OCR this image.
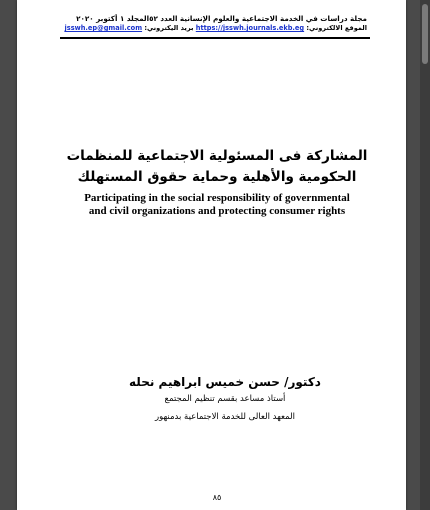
مجلة دراسات في الخدمة الاجتماعية والعلوم الإنسانية العدد ٥٢المجلد ١ أكتوبر ٢٠٢٠
الموقع الالكتروني: https://jsswh.journals.ekb.eg بريد اليكتروني: jsswh.ep@gmail.com
المشاركة فى المسئولية الاجتماعية للمنظمات الحكومية والأهلية وحماية حقوق المستهلك
Participating in the social responsibility of governmental and civil organizations and protecting consumer rights
دكتور/ حسن خميس ابراهيم نحله
أستاذ مساعد بقسم تنظيم المجتمع
المعهد العالى للخدمة الاجتماعية بدمنهور
٨٥
